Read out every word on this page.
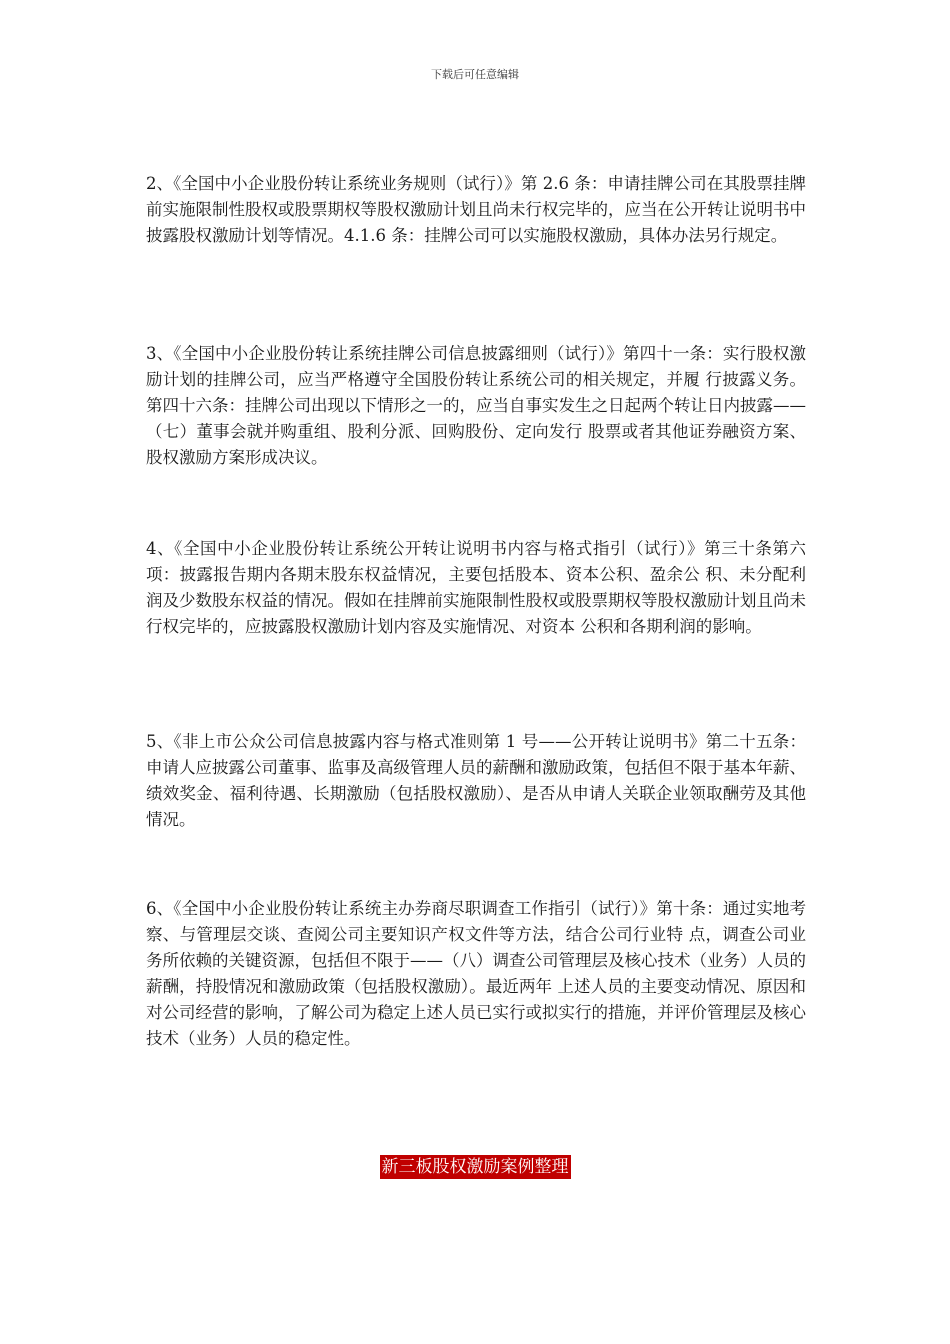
下载后可任意编辑

2、《全国中小企业股份转让系统业务规则（试行）》第 2.6 条：申请挂牌公司在其股票挂牌前实施限制性股权或股票期权等股权激励计划且尚未行权完毕的，应当在公开转让说明书中披露股权激励计划等情况。4.1.6 条：挂牌公司可以实施股权激励，具体办法另行规定。

3、《全国中小企业股份转让系统挂牌公司信息披露细则（试行）》第四十一条：实行股权激励计划的挂牌公司，应当严格遵守全国股份转让系统公司的相关规定，并履 行披露义务。第四十六条：挂牌公司出现以下情形之一的，应当自事实发生之日起两个转让日内披露——（七）董事会就并购重组、股利分派、回购股份、定向发行 股票或者其他证券融资方案、股权激励方案形成决议。

4、《全国中小企业股份转让系统公开转让说明书内容与格式指引（试行）》第三十条第六项：披露报告期内各期末股东权益情况，主要包括股本、资本公积、盈余公 积、未分配利润及少数股东权益的情况。假如在挂牌前实施限制性股权或股票期权等股权激励计划且尚未行权完毕的，应披露股权激励计划内容及实施情况、对资本 公积和各期利润的影响。

5、《非上市公众公司信息披露内容与格式准则第 1 号——公开转让说明书》第二十五条：申请人应披露公司董事、监事及高级管理人员的薪酬和激励政策，包括但不限于基本年薪、绩效奖金、福利待遇、长期激励（包括股权激励）、是否从申请人关联企业领取酬劳及其他情况。

6、《全国中小企业股份转让系统主办券商尽职调查工作指引（试行）》第十条：通过实地考察、与管理层交谈、查阅公司主要知识产权文件等方法，结合公司行业特 点，调查公司业务所依赖的关键资源，包括但不限于——（八）调查公司管理层及核心技术（业务）人员的薪酬，持股情况和激励政策（包括股权激励）。最近两年 上述人员的主要变动情况、原因和对公司经营的影响，了解公司为稳定上述人员已实行或拟实行的措施，并评价管理层及核心技术（业务）人员的稳定性。

新三板股权激励案例整理
